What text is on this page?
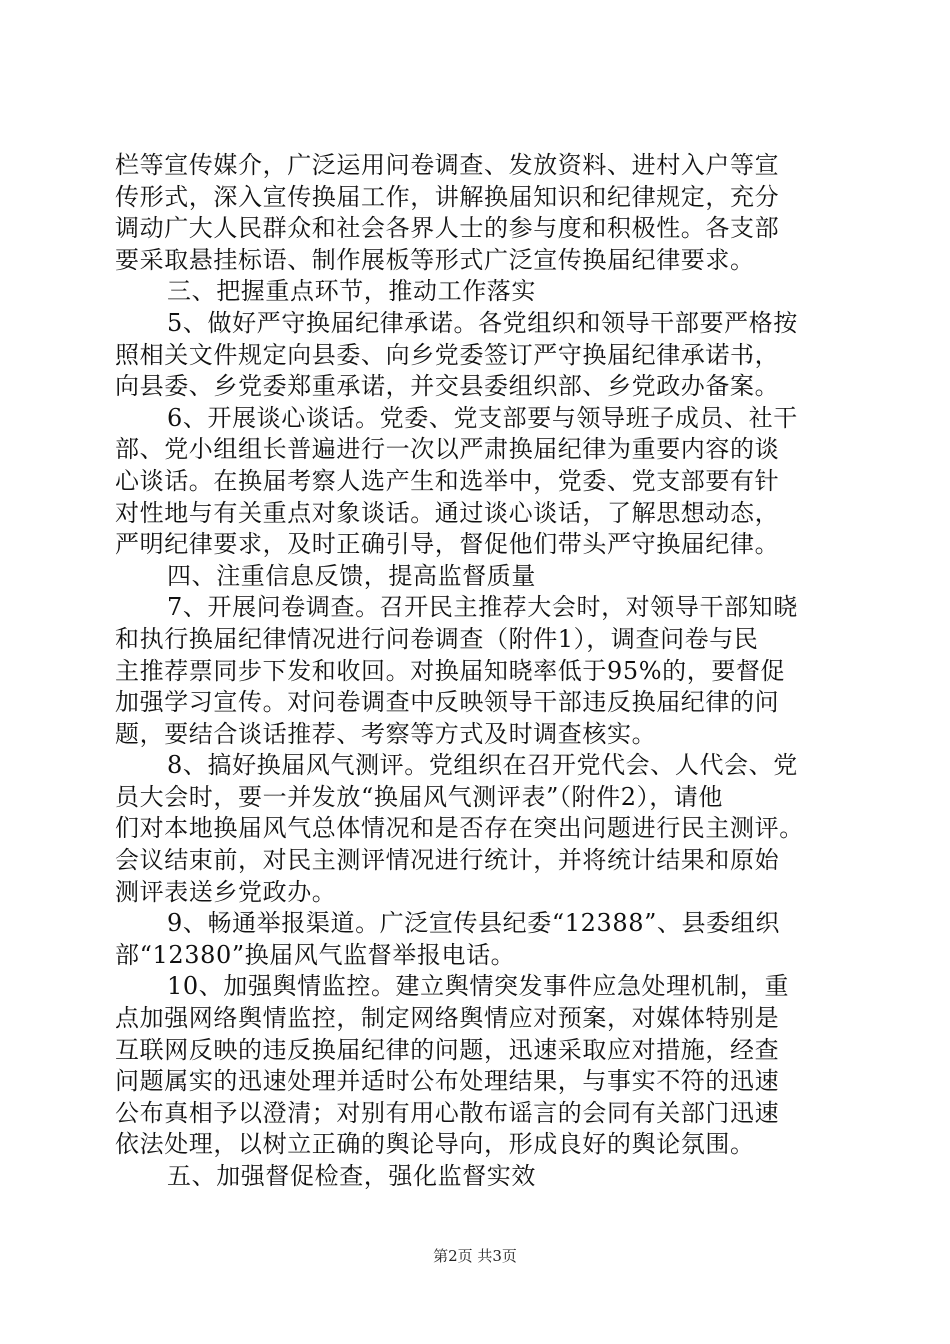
栏等宣传媒介，广泛运用问卷调查、发放资料、进村入户等宣
传形式，深入宣传换届工作，讲解换届知识和纪律规定，充分
调动广大人民群众和社会各界人士的参与度和积极性。各支部
要采取悬挂标语、制作展板等形式广泛宣传换届纪律要求。
三、把握重点环节，推动工作落实
5、做好严守换届纪律承诺。各党组织和领导干部要严格按
照相关文件规定向县委、向乡党委签订严守换届纪律承诺书，
向县委、乡党委郑重承诺，并交县委组织部、乡党政办备案。
6、开展谈心谈话。党委、党支部要与领导班子成员、社干
部、党小组组长普遍进行一次以严肃换届纪律为重要内容的谈
心谈话。在换届考察人选产生和选举中，党委、党支部要有针
对性地与有关重点对象谈话。通过谈心谈话，了解思想动态，
严明纪律要求，及时正确引导，督促他们带头严守换届纪律。
四、注重信息反馈，提高监督质量
7、开展问卷调查。召开民主推荐大会时，对领导干部知晓
和执行换届纪律情况进行问卷调查（附件1），调查问卷与民
主推荐票同步下发和收回。对换届知晓率低于95%的，要督促
加强学习宣传。对问卷调查中反映领导干部违反换届纪律的问
题，要结合谈话推荐、考察等方式及时调查核实。
8、搞好换届风气测评。党组织在召开党代会、人代会、党
员大会时，要一并发放“换届风气测评表”（附件2），请他
们对本地换届风气总体情况和是否存在突出问题进行民主测评。
会议结束前，对民主测评情况进行统计，并将统计结果和原始
测评表送乡党政办。
9、畅通举报渠道。广泛宣传县纪委“12388”、县委组织
部“12380”换届风气监督举报电话。
10、加强舆情监控。建立舆情突发事件应急处理机制，重
点加强网络舆情监控，制定网络舆情应对预案，对媒体特别是
互联网反映的违反换届纪律的问题，迅速采取应对措施，经查
问题属实的迅速处理并适时公布处理结果，与事实不符的迅速
公布真相予以澄清；对别有用心散布谣言的会同有关部门迅速
依法处理，以树立正确的舆论导向，形成良好的舆论氛围。
五、加强督促检查，强化监督实效
第2页 共3页
